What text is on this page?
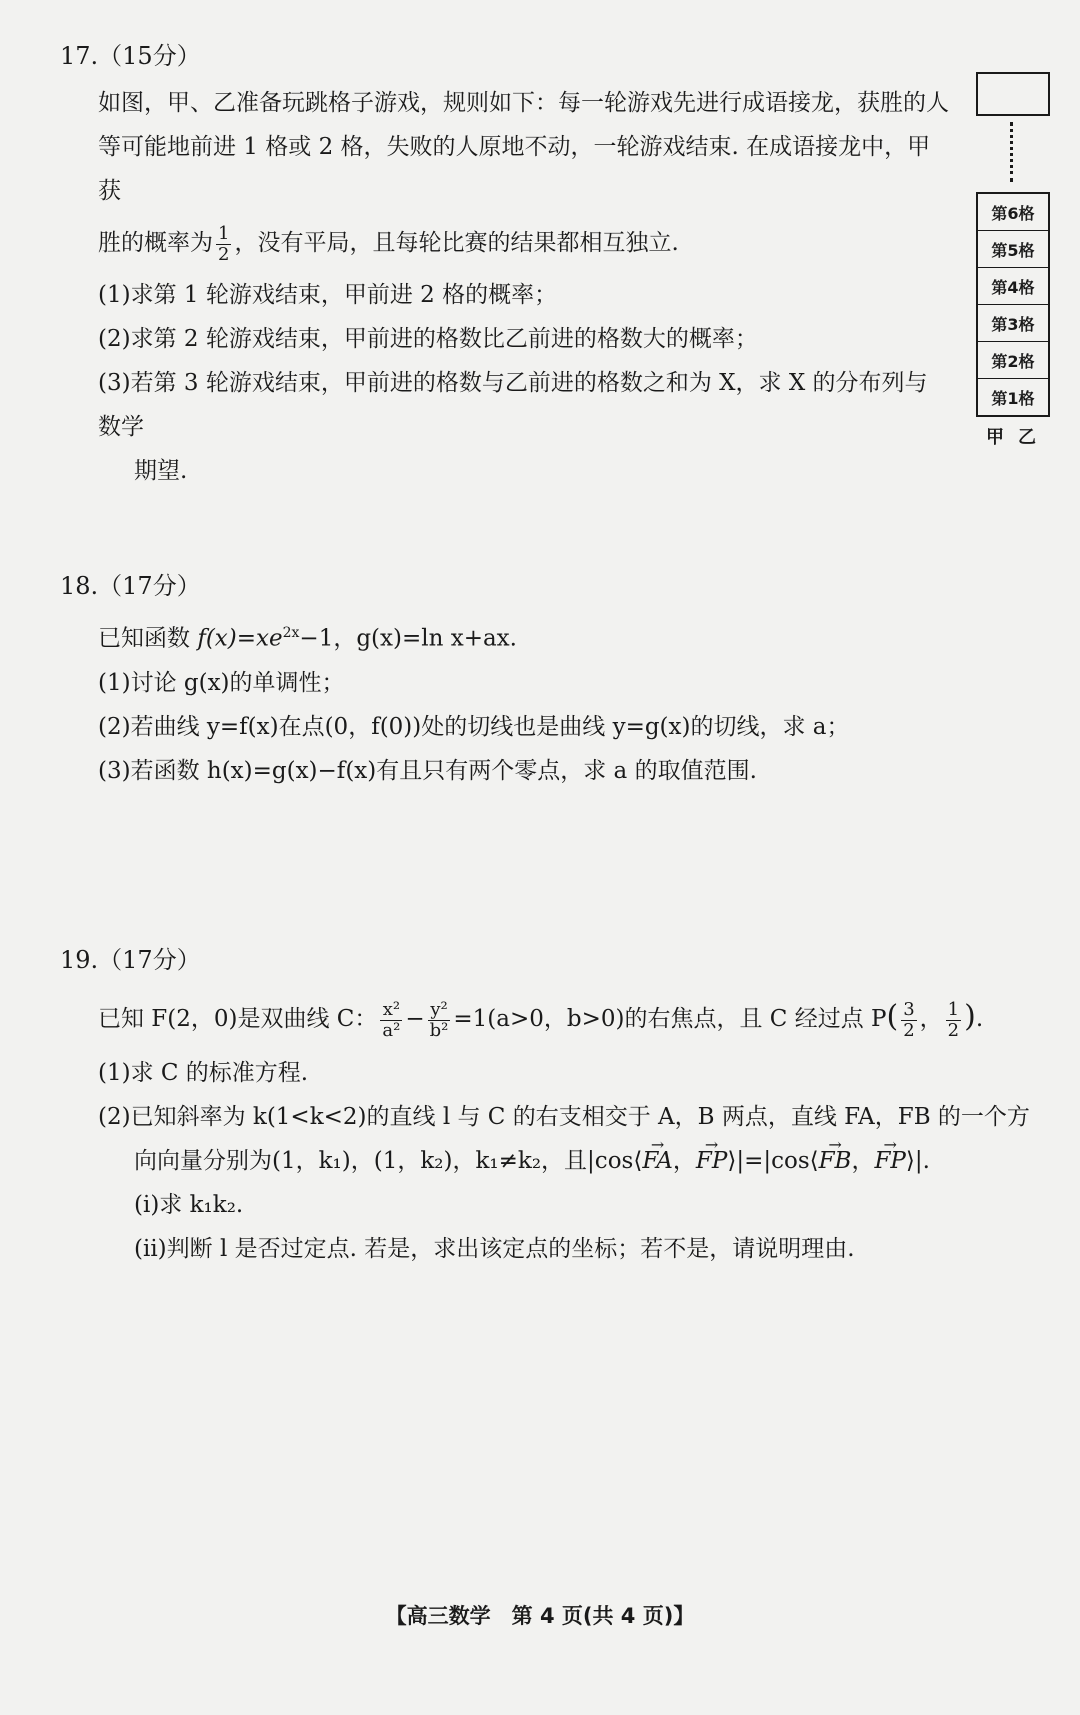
17.（15分）

如图，甲、乙准备玩跳格子游戏，规则如下：每一轮游戏先进行成语接龙，获胜的人

等可能地前进 1 格或 2 格，失败的人原地不动，一轮游戏结束. 在成语接龙中，甲获

胜的概率为 $\frac{1}{2}$ ，没有平局，且每轮比赛的结果都相互独立.

(1)求第 1 轮游戏结束，甲前进 2 格的概率；

(2)求第 2 轮游戏结束，甲前进的格数比乙前进的格数大的概率；

(3)若第 3 轮游戏结束，甲前进的格数与乙前进的格数之和为 X，求 X 的分布列与数学

期望.

第6格
第5格
第4格
第3格
第2格
第1格
甲乙
18.（17分）

已知函数 $f(x)=xe^{2x}-1$，g(x)=ln x+ax.

(1)讨论 g(x)的单调性；

(2)若曲线 y=f(x)在点(0，f(0))处的切线也是曲线 y=g(x)的切线，求 a；

(3)若函数 h(x)=g(x)−f(x)有且只有两个零点，求 a 的取值范围.

19.（17分）

已知 F(2，0)是双曲线 C： $\frac{\text{x²}}{\text{a²}} - \frac{\text{y²}}{\text{b²}} =1(a>0$，b>0)的右焦点，且 C 经过点 $P( \frac{3}{2}$ ， $\frac{1}{2}$ ).

(1)求 C 的标准方程.

(2)已知斜率为 k(1<k<2)的直线 l 与 C 的右支相交于 A，B 两点，直线 FA，FB 的一个方

向向量分别为(1，k₁)，(1，k₂)，k₁≠k₂，且|cos⟨→ FA，→ FP⟩|=|cos⟨→ FB，→ FP⟩|.

(ⅰ)求 k₁k₂.

(ⅱ)判断 l 是否过定点. 若是，求出该定点的坐标；若不是，请说明理由.

【高三数学　第 4 页(共 4 页)】
